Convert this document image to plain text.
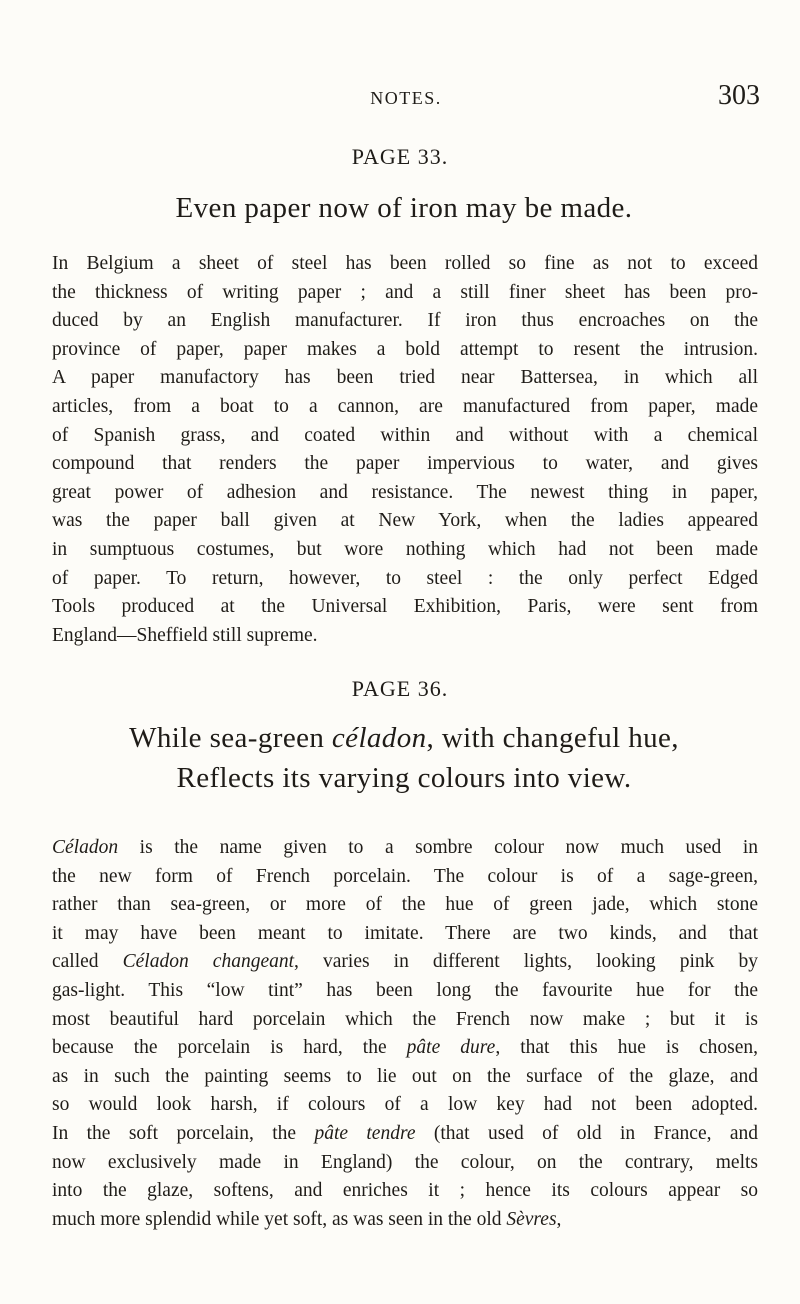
NOTES.	303
PAGE 33.
Even paper now of iron may be made.
In Belgium a sheet of steel has been rolled so fine as not to exceed
the thickness of writing paper ; and a still finer sheet has been pro-
duced by an English manufacturer. If iron thus encroaches on the
province of paper, paper makes a bold attempt to resent the intrusion.
A paper manufactory has been tried near Battersea, in which all
articles, from a boat to a cannon, are manufactured from paper, made
of Spanish grass, and coated within and without with a chemical
compound that renders the paper impervious to water, and gives
great power of adhesion and resistance. The newest thing in paper,
was the paper ball given at New York, when the ladies appeared
in sumptuous costumes, but wore nothing which had not been made
of paper. To return, however, to steel : the only perfect Edged
Tools produced at the Universal Exhibition, Paris, were sent from
England—Sheffield still supreme.
PAGE 36.
While sea-green céladon, with changeful hue,
Reflects its varying colours into view.
Céladon is the name given to a sombre colour now much used in
the new form of French porcelain. The colour is of a sage-green,
rather than sea-green, or more of the hue of green jade, which stone
it may have been meant to imitate. There are two kinds, and that
called Céladon changeant, varies in different lights, looking pink by
gas-light. This “low tint” has been long the favourite hue for the
most beautiful hard porcelain which the French now make ; but it is
because the porcelain is hard, the pâte dure, that this hue is chosen,
as in such the painting seems to lie out on the surface of the glaze, and
so would look harsh, if colours of a low key had not been adopted.
In the soft porcelain, the pâte tendre (that used of old in France, and
now exclusively made in England) the colour, on the contrary, melts
into the glaze, softens, and enriches it ; hence its colours appear so
much more splendid while yet soft, as was seen in the old Sèvres,
